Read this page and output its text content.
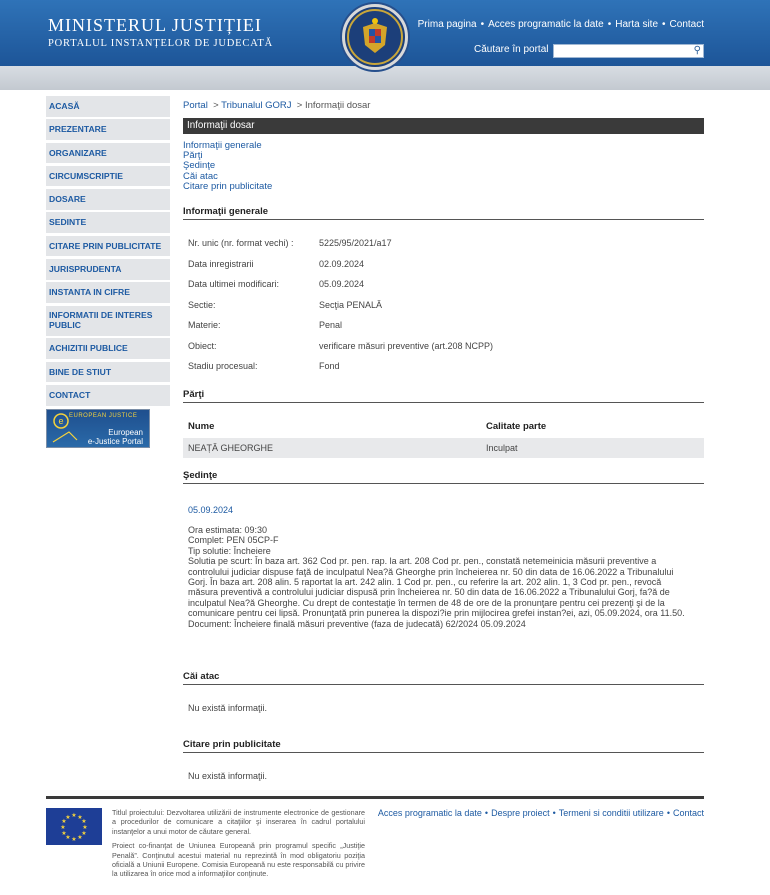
MINISTERUL JUSTIȚIEI
PORTALUL INSTANȚELOR DE JUDECATĂ
Prima pagina • Acces programatic la date • Harta site • Contact
Căutare în portal	⚲
ACASĂ
PREZENTARE
ORGANIZARE
CIRCUMSCRIPTIE
DOSARE
SEDINTE
CITARE PRIN PUBLICITATE
JURISPRUDENTA
INSTANTA IN CIFRE
INFORMATII DE INTERES PUBLIC
ACHIZITII PUBLICE
BINE DE STIUT
CONTACT
e EUROPEAN JUSTICE
European
e-Justice Portal
Portal  > Tribunalul GORJ  > Informaţii dosar
Informaţii dosar
Informaţii generale
Părţi
Şedinţe
Căi atac
Citare prin publicitate
Informaţii generale
Nr. unic (nr. format vechi) :	5225/95/2021/a17
Data inregistrarii	02.09.2024
Data ultimei modificari:	05.09.2024
Sectie:	Secţia PENALĂ
Materie:	Penal
Obiect:	verificare măsuri preventive (art.208 NCPP)
Stadiu procesual:	Fond
Părţi
Nume	Calitate parte
NEAȚĂ GHEORGHE	Inculpat
Şedinţe
05.09.2024
Ora estimata: 09:30
Complet: PEN 05CP-F
Tip solutie: Încheiere
Solutia pe scurt: În baza art. 362 Cod pr. pen. rap. la art. 208 Cod pr. pen., constată netemeinicia măsurii preventive a
controlului judiciar dispuse faţă de inculpatul Nea?ă Gheorghe prin încheierea nr. 50 din data de 16.06.2022 a Tribunalului
Gorj. În baza art. 208 alin. 5 raportat la art. 242 alin. 1 Cod pr. pen., cu referire la art. 202 alin. 1, 3 Cod pr. pen., revocă
măsura preventivă a controlului judiciar dispusă prin încheierea nr. 50 din data de 16.06.2022 a Tribunalului Gorj, fa?ă de
inculpatul Nea?ă Gheorghe. Cu drept de contestaţie în termen de 48 de ore de la pronunţare pentru cei prezenţi şi de la
comunicare pentru cei lipsă. Pronunţată prin punerea la dispozi?ie prin mijlocirea grefei instan?ei, azi, 05.09.2024, ora 11.50.
Document: Încheiere finală măsuri preventive (faza de judecată) 62/2024 05.09.2024
Căi atac
Nu există informaţii.
Citare prin publicitate
Nu există informaţii.
★ ★
★
★
★
★
★
★
★
★
★
★

Titlul proiectului: Dezvoltarea utilizării de instrumente electronice de gestionare a procedurilor de comunicare a citaţiilor şi inserarea în cadrul portalului instanţelor a unui motor de căutare general.

Proiect co-finanţat de Uniunea Europeană prin programul specific „Justiţie Penală”. Conţinutul acestui material nu reprezintă în mod obligatoriu poziţia oficială a Uniunii Europene. Comisia Europeană nu este responsabilă cu privire la utilizarea în orice mod a informaţiilor conţinute.

Acces programatic la date • Despre proiect • Termeni si conditii utilizare • Contact
